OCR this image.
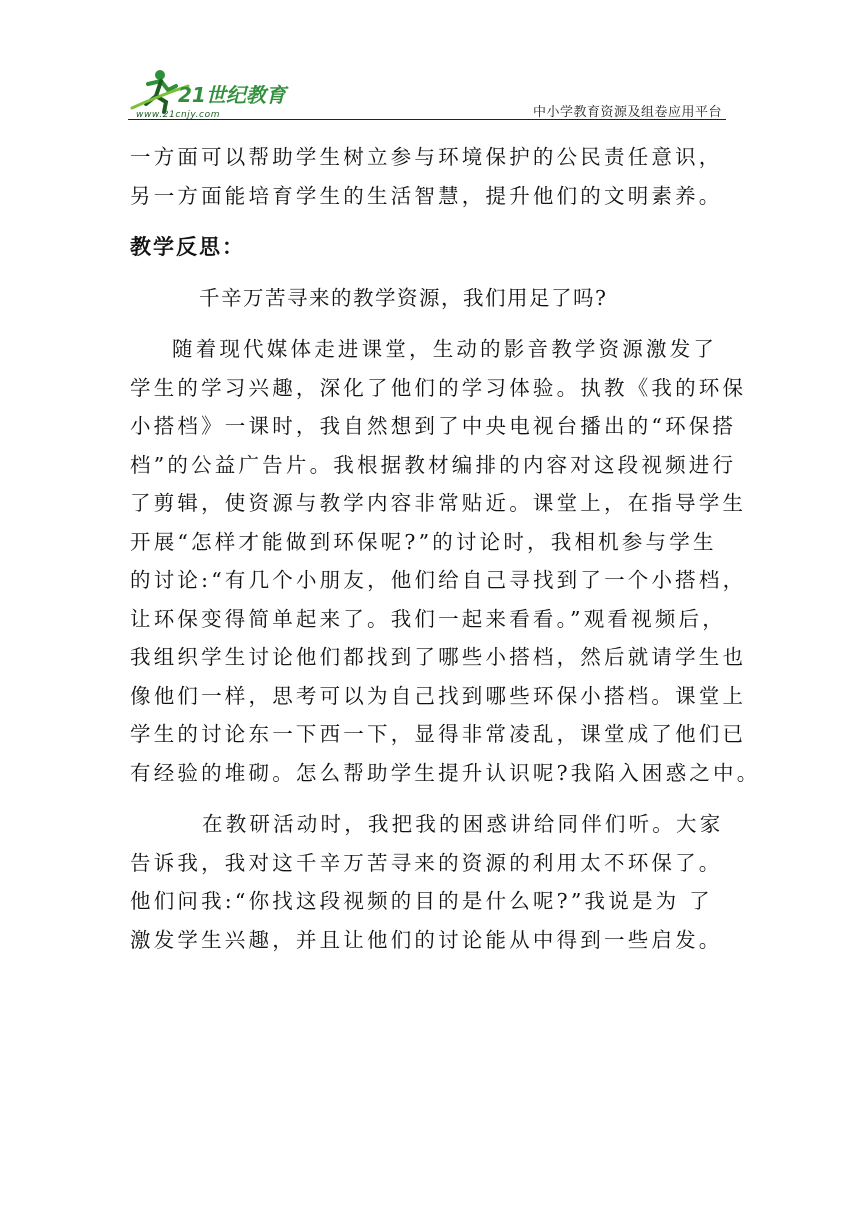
21世纪教育
www.21cnjy.com	中小学教育资源及组卷应用平台
一方面可以帮助学生树立参与环境保护的公民责任意识，
另一方面能培育学生的生活智慧，提升他们的文明素养。
教学反思：
千辛万苦寻来的教学资源，我们用足了吗?
随着现代媒体走进课堂，生动的影音教学资源激发了
学生的学习兴趣，深化了他们的学习体验。执教《我的环保
小搭档》一课时，我自然想到了中央电视台播出的“环保搭
档”的公益广告片。我根据教材编排的内容对这段视频进行
了剪辑，使资源与教学内容非常贴近。课堂上，在指导学生
开展“怎样才能做到环保呢?”的讨论时，我相机参与学生
的讨论:“有几个小朋友，他们给自己寻找到了一个小搭档，
让环保变得简单起来了。我们一起来看看。”观看视频后，
我组织学生讨论他们都找到了哪些小搭档，然后就请学生也
像他们一样，思考可以为自己找到哪些环保小搭档。课堂上
学生的讨论东一下西一下，显得非常凌乱，课堂成了他们已
有经验的堆砌。怎么帮助学生提升认识呢?我陷入困惑之中。
在教研活动时，我把我的困惑讲给同伴们听。大家
告诉我，我对这千辛万苦寻来的资源的利用太不环保了。
他们问我:“你找这段视频的目的是什么呢?”我说是为 了
激发学生兴趣，并且让他们的讨论能从中得到一些启发。
